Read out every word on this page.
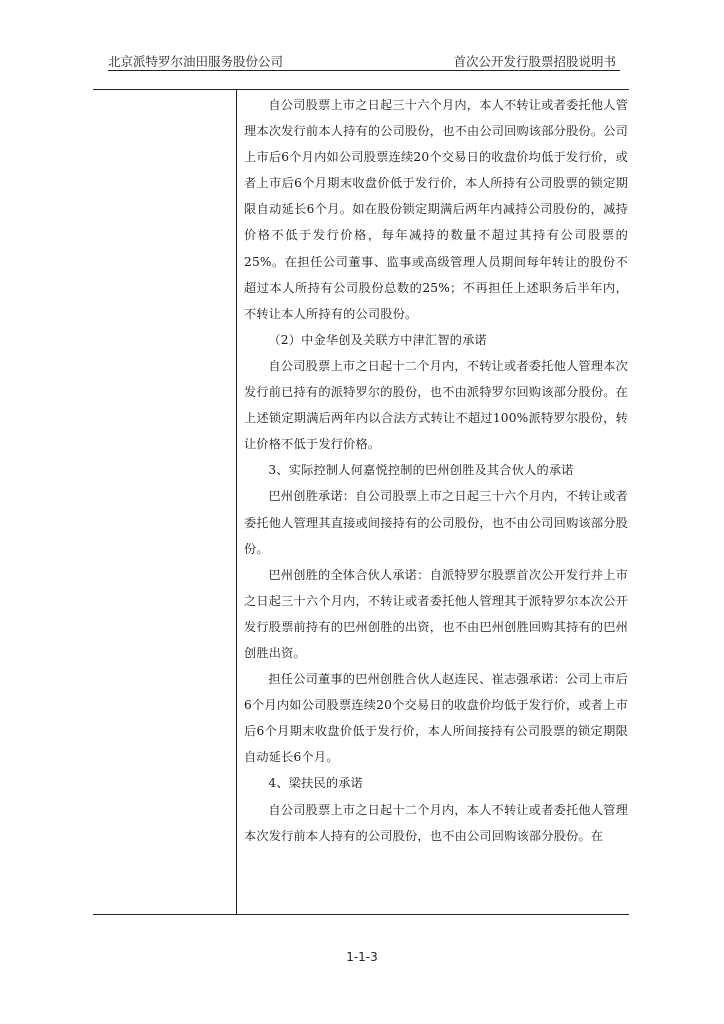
北京派特罗尔油田服务股份公司	首次公开发行股票招股说明书

自公司股票上市之日起三十六个月内，本人不转让或者委托他人管理本次发行前本人持有的公司股份，也不由公司回购该部分股份。公司上市后6个月内如公司股票连续20个交易日的收盘价均低于发行价，或者上市后6个月期末收盘价低于发行价，本人所持有公司股票的锁定期限自动延长6个月。如在股份锁定期满后两年内减持公司股份的，减持价格不低于发行价格，每年减持的数量不超过其持有公司股票的25%。在担任公司董事、监事或高级管理人员期间每年转让的股份不超过本人所持有公司股份总数的25%；不再担任上述职务后半年内，不转让本人所持有的公司股份。

（2）中金华创及关联方中津汇智的承诺

自公司股票上市之日起十二个月内，不转让或者委托他人管理本次发行前已持有的派特罗尔的股份，也不由派特罗尔回购该部分股份。在上述锁定期满后两年内以合法方式转让不超过100%派特罗尔股份，转让价格不低于发行价格。

3、实际控制人何嘉悦控制的巴州创胜及其合伙人的承诺

巴州创胜承诺：自公司股票上市之日起三十六个月内，不转让或者委托他人管理其直接或间接持有的公司股份，也不由公司回购该部分股份。

巴州创胜的全体合伙人承诺：自派特罗尔股票首次公开发行并上市之日起三十六个月内，不转让或者委托他人管理其于派特罗尔本次公开发行股票前持有的巴州创胜的出资，也不由巴州创胜回购其持有的巴州创胜出资。

担任公司董事的巴州创胜合伙人赵连民、崔志强承诺：公司上市后6个月内如公司股票连续20个交易日的收盘价均低于发行价，或者上市后6个月期末收盘价低于发行价，本人所间接持有公司股票的锁定期限自动延长6个月。

4、梁扶民的承诺

自公司股票上市之日起十二个月内，本人不转让或者委托他人管理本次发行前本人持有的公司股份，也不由公司回购该部分股份。在

1-1-3
